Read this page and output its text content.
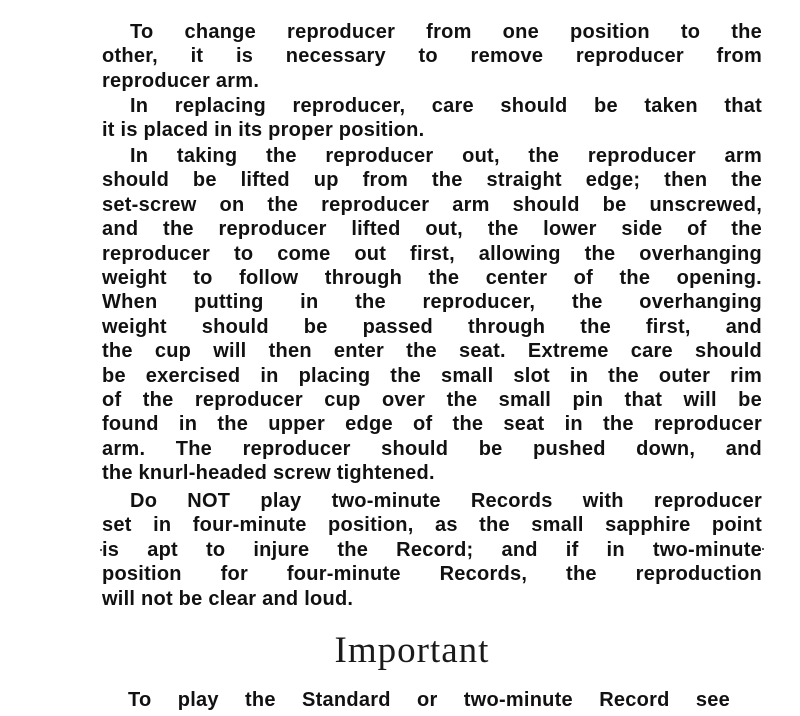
To change reproducer from one position to the
other, it is necessary to remove reproducer from
reproducer arm.

In replacing reproducer, care should be taken that
it is placed in its proper position.

In taking the reproducer out, the reproducer arm
should be lifted up from the straight edge; then the
set-screw on the reproducer arm should be unscrewed,
and the reproducer lifted out, the lower side of the
reproducer to come out first, allowing the overhanging
weight to follow through the center of the opening.
When putting in the reproducer, the overhanging
weight should be passed through the first, and
the cup will then enter the seat. Extreme care should
be exercised in placing the small slot in the outer rim
of the reproducer cup over the small pin that will be
found in the upper edge of the seat in the reproducer
arm. The reproducer should be pushed down, and
the knurl-headed screw tightened.

Do NOT play two-minute Records with reproducer
set in four-minute position, as the small sapphire point
is apt to injure the Record; and if in two-minute
position for four-minute Records, the reproduction
will not be clear and loud.

Important

To play the Standard or two-minute Record see
